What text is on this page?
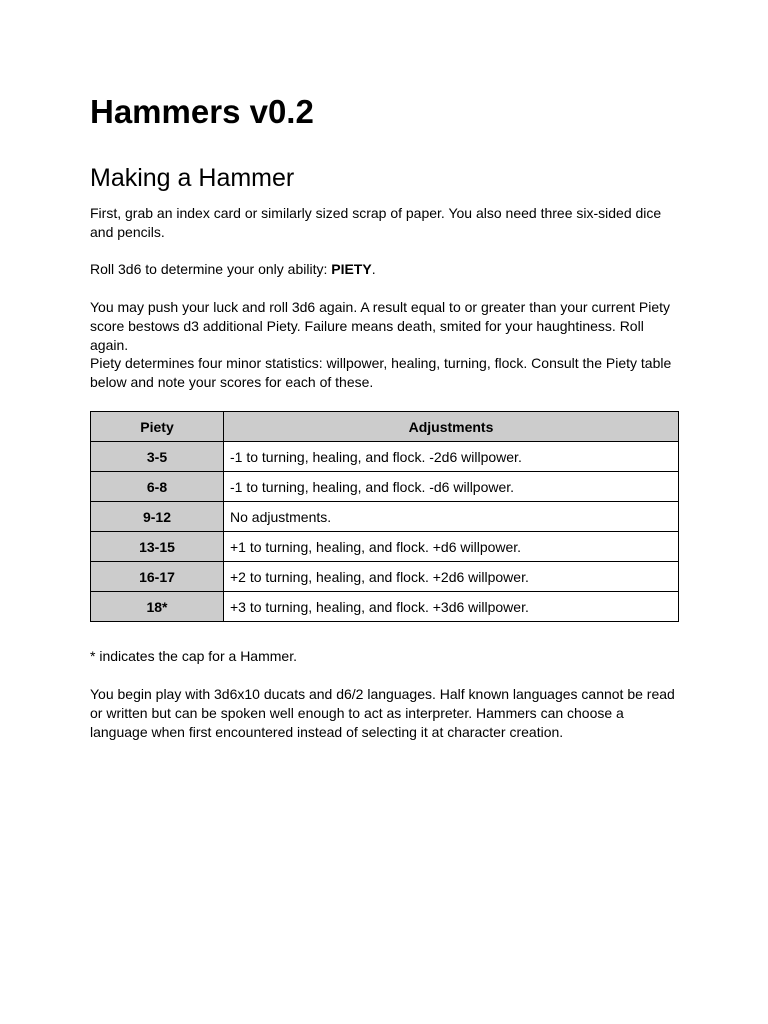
Hammers v0.2
Making a Hammer

First, grab an index card or similarly sized scrap of paper. You also need three six-sided dice and pencils.

Roll 3d6 to determine your only ability: PIETY.

You may push your luck and roll 3d6 again. A result equal to or greater than your current Piety score bestows d3 additional Piety. Failure means death, smited for your haughtiness. Roll again.

Piety determines four minor statistics: willpower, healing, turning, flock. Consult the Piety table below and note your scores for each of these.

Piety	Adjustments
3-5	-1 to turning, healing, and flock. -2d6 willpower.
6-8	-1 to turning, healing, and flock. -d6 willpower.
9-12	No adjustments.
13-15	+1 to turning, healing, and flock. +d6 willpower.
16-17	+2 to turning, healing, and flock. +2d6 willpower.
18*	+3 to turning, healing, and flock. +3d6 willpower.

* indicates the cap for a Hammer.

You begin play with 3d6x10 ducats and d6/2 languages. Half known languages cannot be read or written but can be spoken well enough to act as interpreter. Hammers can choose a language when first encountered instead of selecting it at character creation.
